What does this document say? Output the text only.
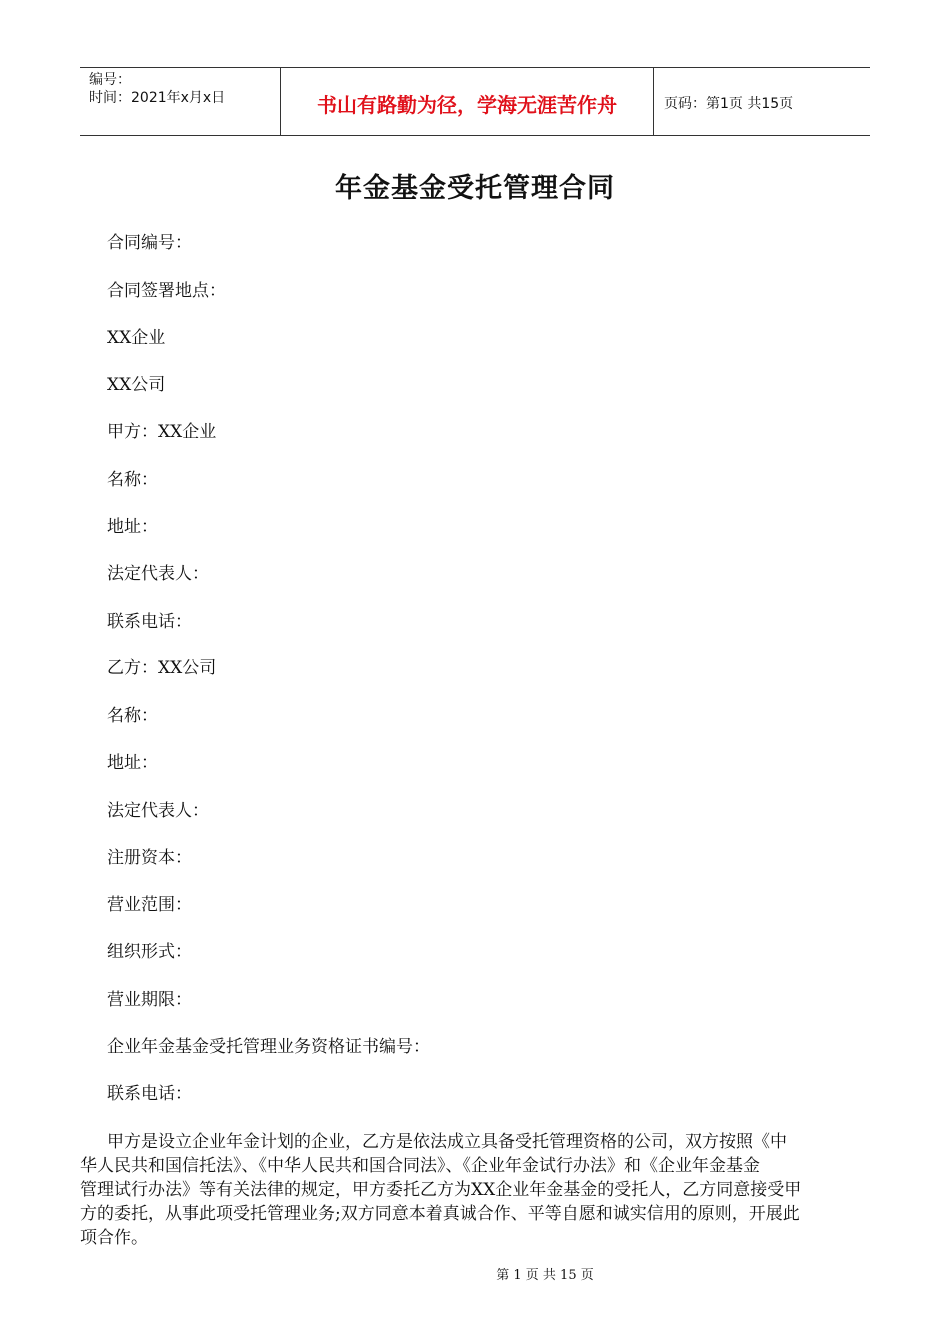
编号：
时间：2021年x月x日	书山有路勤为径，学海无涯苦作舟	页码：第1页 共15页
年金基金受托管理合同
合同编号：
合同签署地点：
XX企业
XX公司
甲方：XX企业
名称：
地址：
法定代表人：
联系电话：
乙方：XX公司
名称：
地址：
法定代表人：
注册资本：
营业范围：
组织形式：
营业期限：
企业年金基金受托管理业务资格证书编号：
联系电话：
甲方是设立企业年金计划的企业，乙方是依法成立具备受托管理资格的公司，双方按照《中
华人民共和国信托法》、《中华人民共和国合同法》、《企业年金试行办法》和《企业年金基金
管理试行办法》等有关法律的规定，甲方委托乙方为XX企业年金基金的受托人，乙方同意接受甲
方的委托，从事此项受托管理业务;双方同意本着真诚合作、平等自愿和诚实信用的原则，开展此
项合作。
第 1 页 共 15 页
